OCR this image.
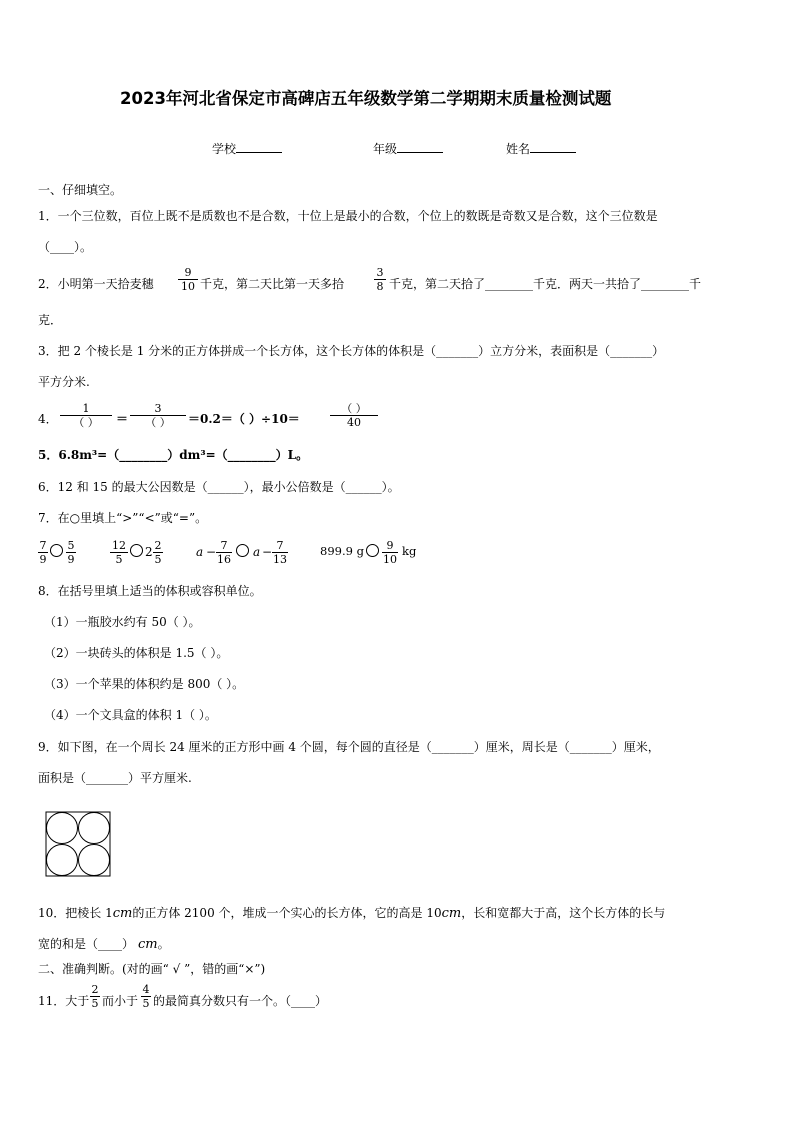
2023年河北省保定市高碑店五年级数学第二学期期末质量检测试题
学校	年级	姓名
一、仔细填空。
1．一个三位数，百位上既不是质数也不是合数，十位上是最小的合数，个位上的数既是奇数又是合数，这个三位数是
（____）。
2．小明第一天拾麦穗 $\frac{9}{10}$ 千克，第二天比第一天多拾	$\frac{3}{8}$ 千克，第二天拾了________千克．两天一共拾了________千
克．
3．把 2 个棱长是 1 分米的正方体拼成一个长方体，这个长方体的体积是（_______）立方分米，表面积是（_______）
平方分米.
4．
1
（ ）	＝
3
（ ）	＝0.2＝（ ）÷10＝
（ ）
40
5．6.8m³=（________）dm³=（________）L。
6．12 和 15 的最大公因数是（______），最小公倍数是（______）。
7．在○里填上“>”“<”或“=”。
$\frac{7}{9} \frac{5}{9}$	$\frac{12}{5} 2 \frac{2}{5}$	$a - \frac{7}{16}$ $a - \frac{7}{13}$	899.9 g $\frac{9}{10}$ kg
8．在括号里填上适当的体积或容积单位。
（1）一瓶胶水约有 50（ ）。
（2）一块砖头的体积是 1.5（ ）。
（3）一个苹果的体积约是 800（ ）。
（4）一个文具盒的体积 1（ ）。
9．如下图，在一个周长 24 厘米的正方形中画 4 个圆，每个圆的直径是（_______）厘米，周长是（_______）厘米，
面积是（_______）平方厘米.
10．把棱长 1cm的正方体 2100 个，堆成一个实心的长方体，它的高是 10cm，长和宽都大于高，这个长方体的长与
宽的和是（____） cm。
二、准确判断。(对的画“ √ ”，错的画“×”)
11．大于 $\frac{2}{5}$ 而小于 $\frac{4}{5}$ 的最简真分数只有一个。（____）
